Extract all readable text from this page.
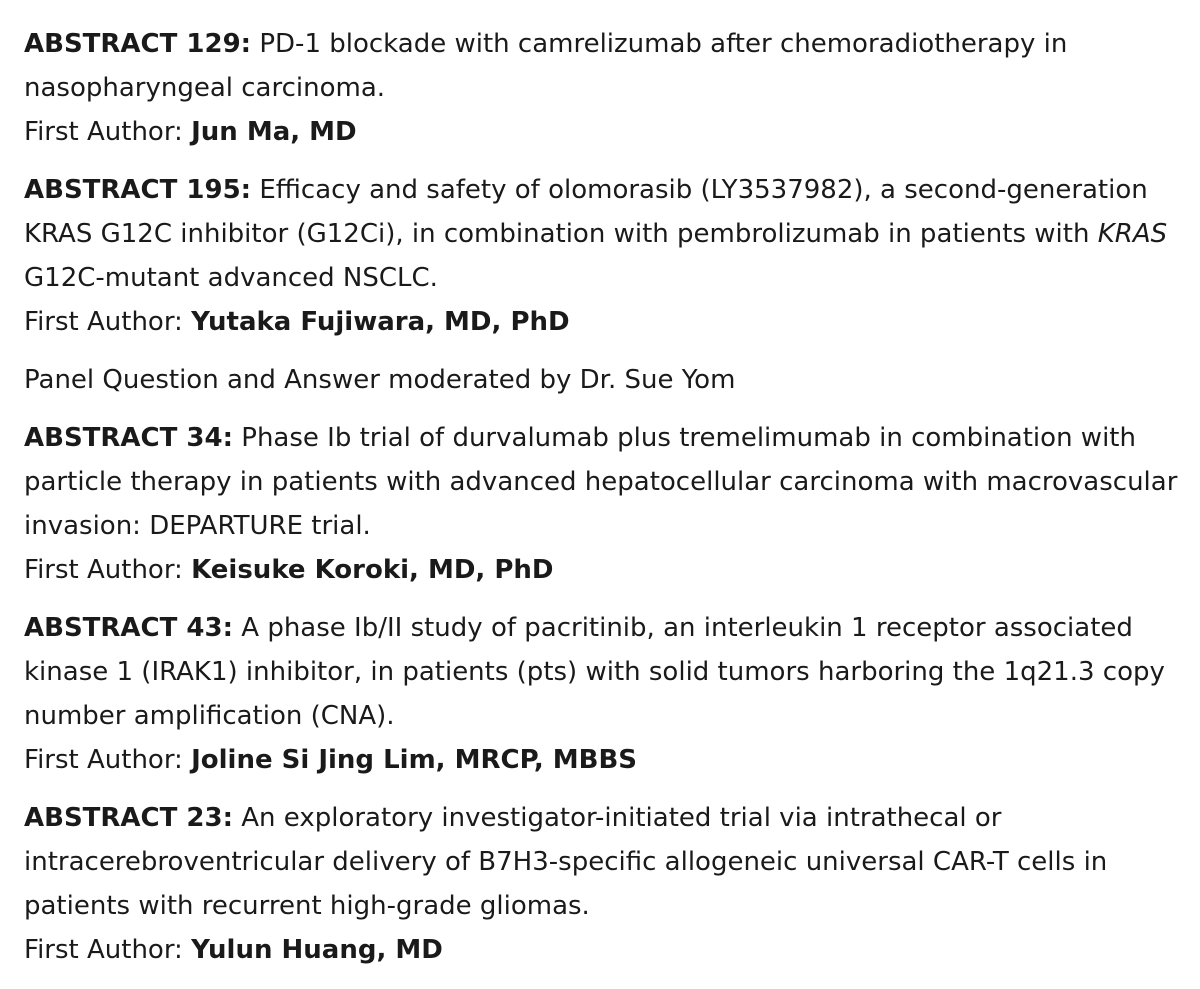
ABSTRACT 129: PD-1 blockade with camrelizumab after chemoradiotherapy in nasopharyngeal carcinoma.

First Author: Jun Ma, MD

ABSTRACT 195: Efficacy and safety of olomorasib (LY3537982), a second-generation KRAS G12C inhibitor (G12Ci), in combination with pembrolizumab in patients with KRAS G12C-mutant advanced NSCLC.

First Author: Yutaka Fujiwara, MD, PhD

Panel Question and Answer moderated by Dr. Sue Yom

ABSTRACT 34: Phase Ib trial of durvalumab plus tremelimumab in combination with particle therapy in patients with advanced hepatocellular carcinoma with macrovascular invasion: DEPARTURE trial.

First Author: Keisuke Koroki, MD, PhD

ABSTRACT 43: A phase Ib/II study of pacritinib, an interleukin 1 receptor associated kinase 1 (IRAK1) inhibitor, in patients (pts) with solid tumors harboring the 1q21.3 copy number amplification (CNA).

First Author: Joline Si Jing Lim, MRCP, MBBS

ABSTRACT 23: An exploratory investigator-initiated trial via intrathecal or intracerebroventricular delivery of B7H3-specific allogeneic universal CAR-T cells in patients with recurrent high-grade gliomas.

First Author: Yulun Huang, MD
